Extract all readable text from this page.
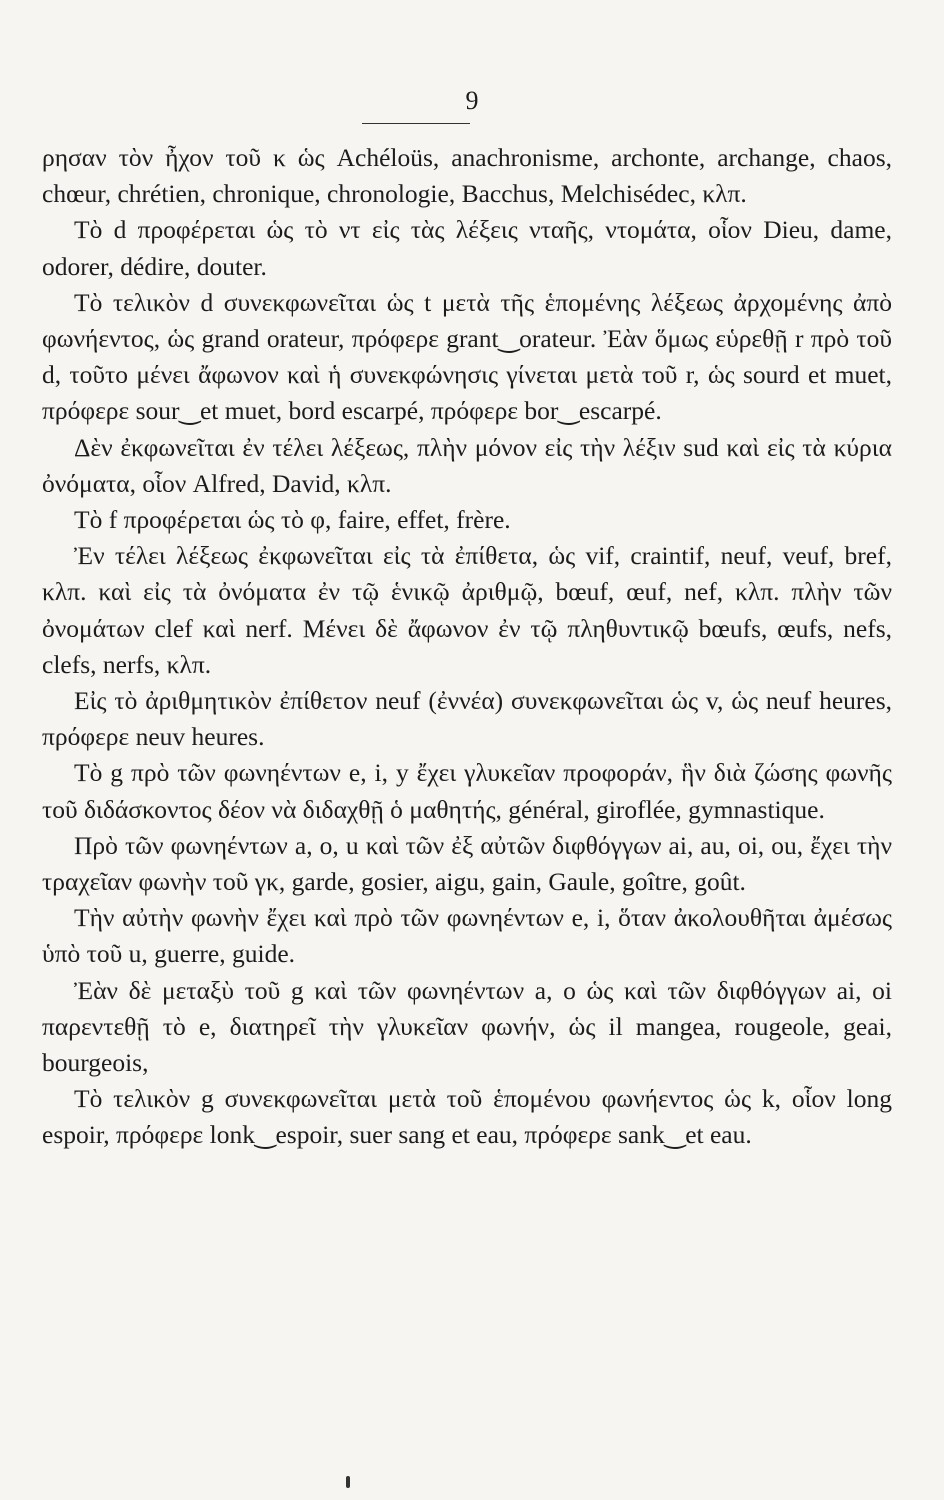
9

ρησαν τὸν ἦχον τοῦ κ ὡς Achéloüs, anachronisme, archonte, archange, chaos, chœur, chrétien, chronique, chronologie, Bacchus, Melchisédec, κλπ.

Τὸ d προφέρεται ὡς τὸ ντ εἰς τὰς λέξεις νταῆς, ντομάτα, οἷον Dieu, dame, odorer, dédire, douter.

Τὸ τελικὸν d συνεκφωνεῖται ὡς t μετὰ τῆς ἑπομένης λέξεως ἀρχομένης ἀπὸ φωνήεντος, ὡς grand orateur, πρόφερε grant‿orateur. Ἐὰν ὅμως εὑρεθῇ r πρὸ τοῦ d, τοῦτο μένει ἄφωνον καὶ ἡ συνεκφώνησις γίνεται μετὰ τοῦ r, ὡς sourd et muet, πρόφερε sour‿et muet, bord escarpé, πρόφερε bor‿escarpé.

Δὲν ἐκφωνεῖται ἐν τέλει λέξεως, πλὴν μόνον εἰς τὴν λέξιν sud καὶ εἰς τὰ κύρια ὀνόματα, οἷον Alfred, David, κλπ.

Τὸ f προφέρεται ὡς τὸ φ, faire, effet, frère.

Ἐν τέλει λέξεως ἐκφωνεῖται εἰς τὰ ἐπίθετα, ὡς vif, craintif, neuf, veuf, bref, κλπ. καὶ εἰς τὰ ὀνόματα ἐν τῷ ἑνικῷ ἀριθμῷ, bœuf, œuf, nef, κλπ. πλὴν τῶν ὀνομάτων clef καὶ nerf. Μένει δὲ ἄφωνον ἐν τῷ πληθυντικῷ bœufs, œufs, nefs, clefs, nerfs, κλπ.

Εἰς τὸ ἀριθμητικὸν ἐπίθετον neuf (ἐννέα) συνεκφωνεῖται ὡς v, ὡς neuf heures, πρόφερε neuv heures.

Τὸ g πρὸ τῶν φωνηέντων e, i, y ἔχει γλυκεῖαν προφοράν, ἣν διὰ ζώσης φωνῆς τοῦ διδάσκοντος δέον νὰ διδαχθῇ ὁ μαθητής, général, giroflée, gymnastique.

Πρὸ τῶν φωνηέντων a, o, u καὶ τῶν ἐξ αὐτῶν διφθόγγων ai, au, oi, ou, ἔχει τὴν τραχεῖαν φωνὴν τοῦ γκ, garde, gosier, aigu, gain, Gaule, goître, goût.

Τὴν αὐτὴν φωνὴν ἔχει καὶ πρὸ τῶν φωνηέντων e, i, ὅταν ἀκολουθῆται ἀμέσως ὑπὸ τοῦ u, guerre, guide.

Ἐὰν δὲ μεταξὺ τοῦ g καὶ τῶν φωνηέντων a, o ὡς καὶ τῶν διφθόγγων ai, oi παρεντεθῇ τὸ e, διατηρεῖ τὴν γλυκεῖαν φωνήν, ὡς il mangea, rougeole, geai, bourgeois,

Τὸ τελικὸν g συνεκφωνεῖται μετὰ τοῦ ἑπομένου φωνήεντος ὡς k, οἷον long espoir, πρόφερε lonk‿espoir, suer sang et eau, πρόφερε sank‿et eau.
